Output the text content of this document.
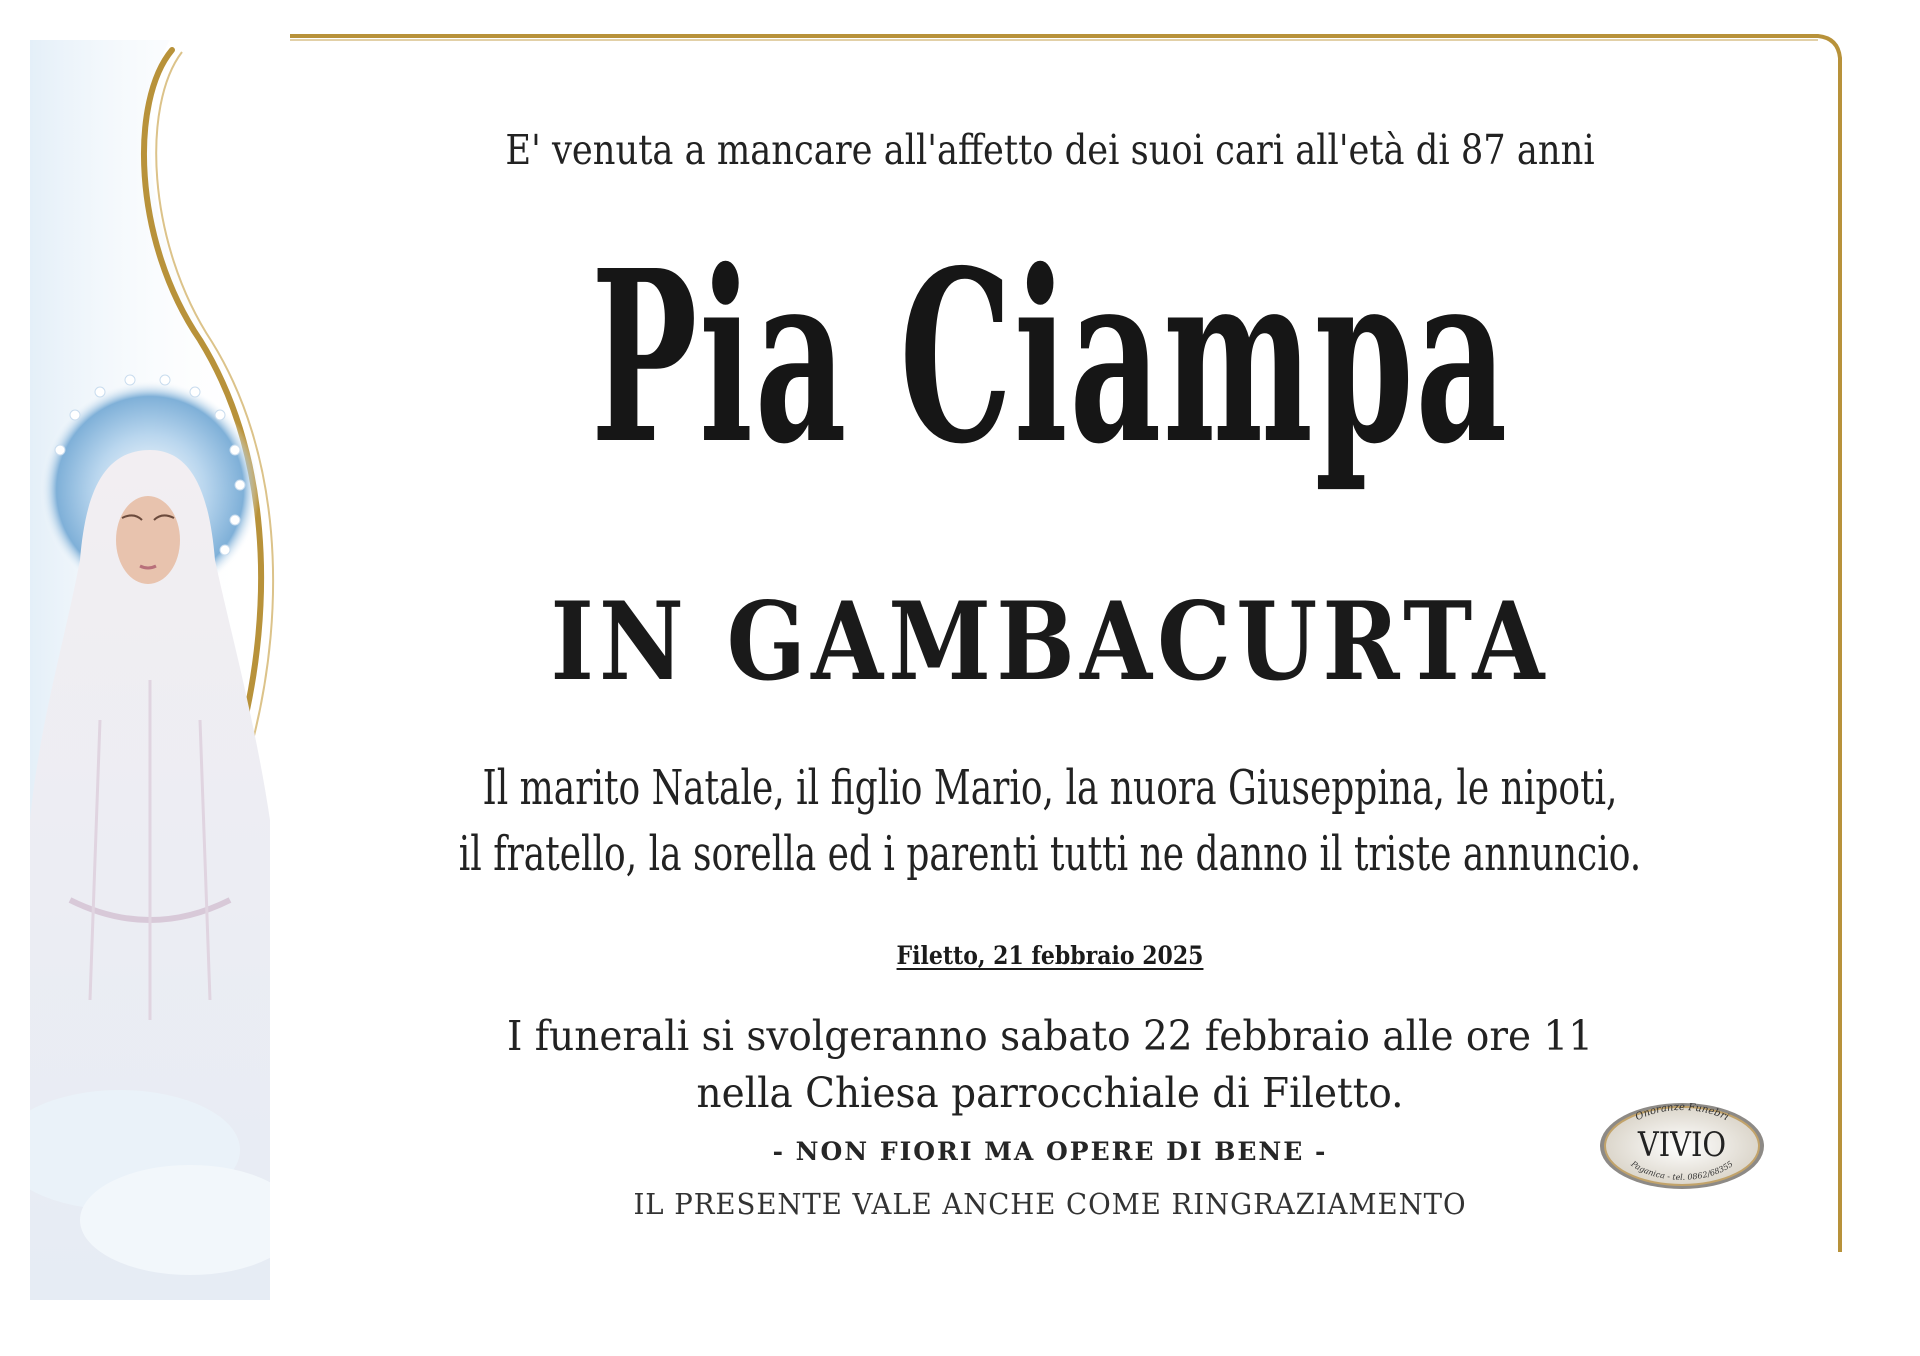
E' venuta a mancare all'affetto dei suoi cari all'età di 87 anni
Pia Ciampa
IN GAMBACURTA
Il marito Natale, il figlio Mario, la nuora Giuseppina, le nipoti,
il fratello, la sorella ed i parenti tutti ne danno il triste annuncio.
Filetto, 21 febbraio 2025
I funerali si svolgeranno sabato 22 febbraio alle ore 11
nella Chiesa parrocchiale di Filetto.
- NON FIORI MA OPERE DI BENE -
IL PRESENTE VALE ANCHE COME RINGRAZIAMENTO
Onoranze Funebri
VIVIO
Paganica - tel. 0862/68355
